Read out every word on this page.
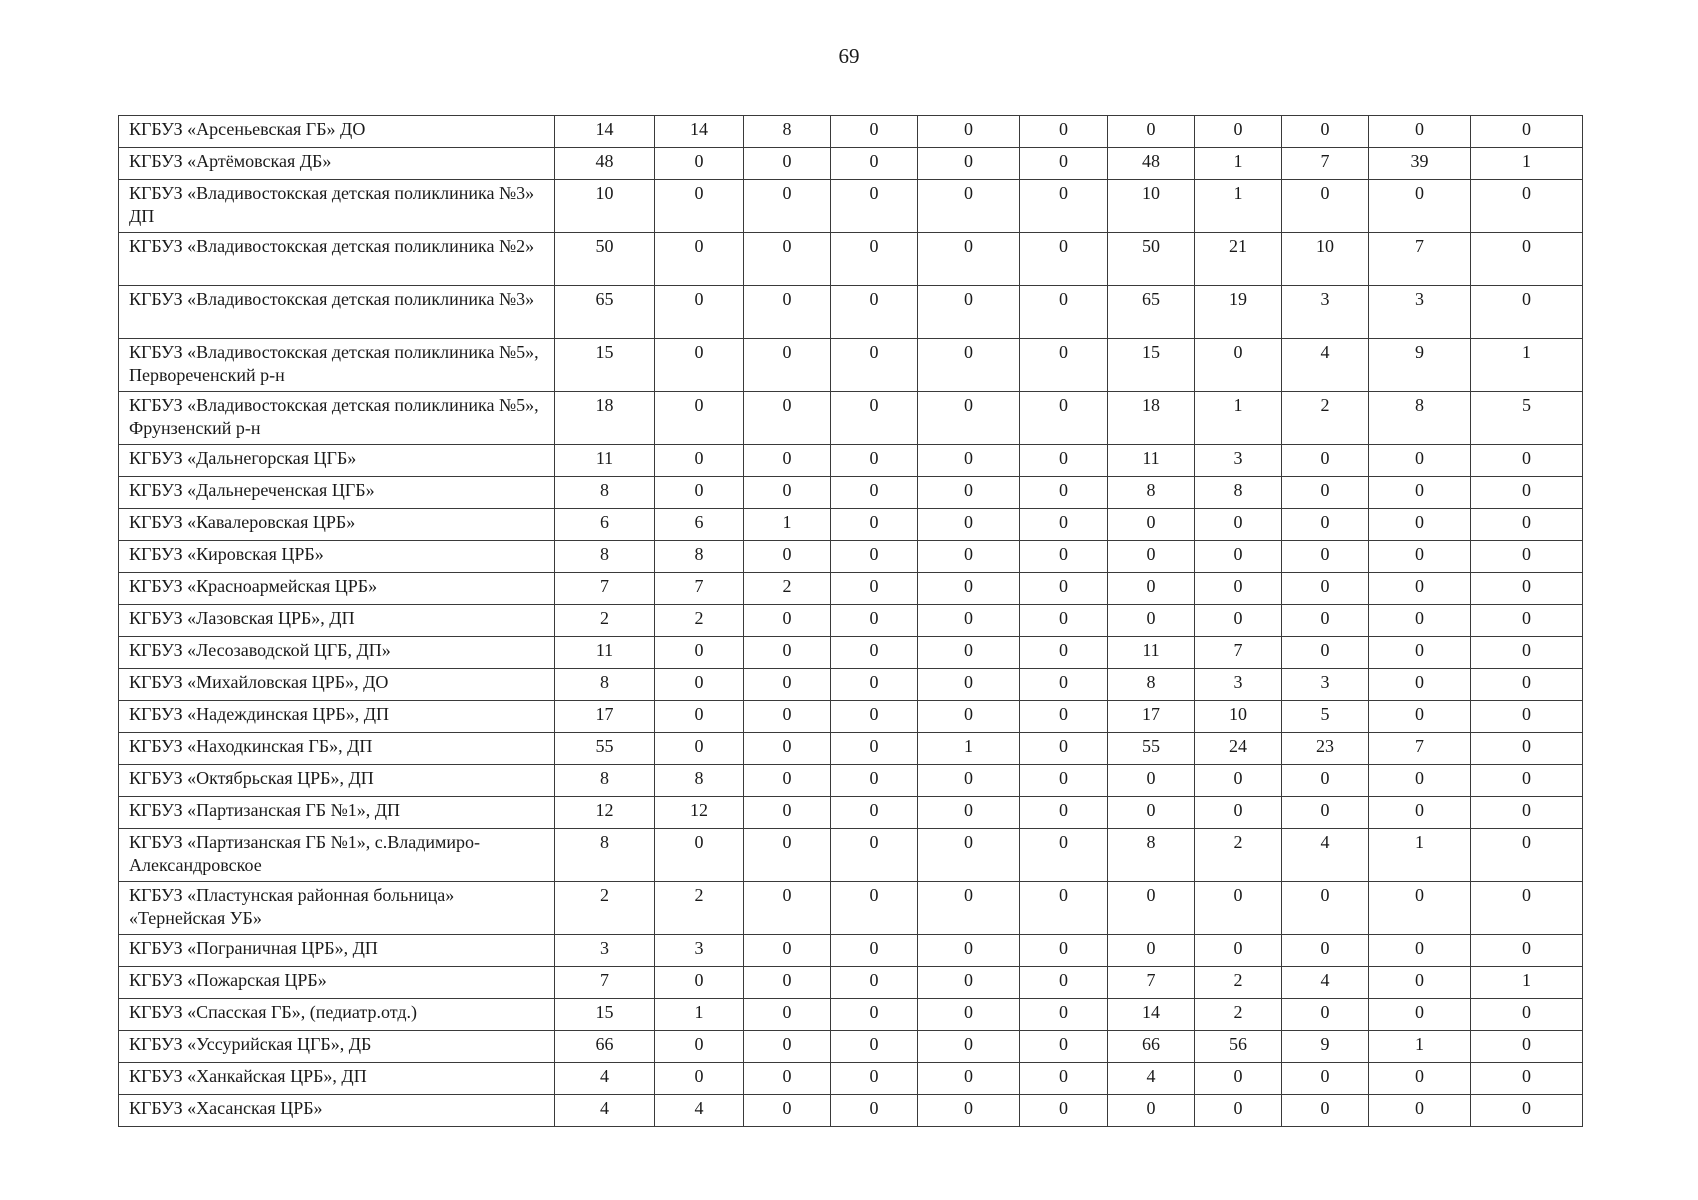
69
КГБУЗ «Арсеньевская ГБ» ДО	14	14	8	0	0	0	0	0	0	0	0
КГБУЗ «Артёмовская ДБ»	48	0	0	0	0	0	48	1	7	39	1
КГБУЗ «Владивостокская детская поликлиника №3» ДП	10	0	0	0	0	0	10	1	0	0	0
КГБУЗ «Владивостокская детская поликлиника №2»	50	0	0	0	0	0	50	21	10	7	0
КГБУЗ «Владивостокская детская поликлиника №3»	65	0	0	0	0	0	65	19	3	3	0
КГБУЗ «Владивостокская детская поликлиника №5», Первореченский р-н	15	0	0	0	0	0	15	0	4	9	1
КГБУЗ «Владивостокская детская поликлиника №5», Фрунзенский р-н	18	0	0	0	0	0	18	1	2	8	5
КГБУЗ «Дальнегорская ЦГБ»	11	0	0	0	0	0	11	3	0	0	0
КГБУЗ «Дальнереченская ЦГБ»	8	0	0	0	0	0	8	8	0	0	0
КГБУЗ «Кавалеровская ЦРБ»	6	6	1	0	0	0	0	0	0	0	0
КГБУЗ «Кировская ЦРБ»	8	8	0	0	0	0	0	0	0	0	0
КГБУЗ «Красноармейская ЦРБ»	7	7	2	0	0	0	0	0	0	0	0
КГБУЗ «Лазовская ЦРБ», ДП	2	2	0	0	0	0	0	0	0	0	0
КГБУЗ «Лесозаводской ЦГБ, ДП»	11	0	0	0	0	0	11	7	0	0	0
КГБУЗ «Михайловская ЦРБ», ДО	8	0	0	0	0	0	8	3	3	0	0
КГБУЗ «Надеждинская ЦРБ», ДП	17	0	0	0	0	0	17	10	5	0	0
КГБУЗ «Находкинская ГБ», ДП	55	0	0	0	1	0	55	24	23	7	0
КГБУЗ «Октябрьская ЦРБ», ДП	8	8	0	0	0	0	0	0	0	0	0
КГБУЗ «Партизанская ГБ №1», ДП	12	12	0	0	0	0	0	0	0	0	0
КГБУЗ «Партизанская ГБ №1», с.Владимиро-Александровское	8	0	0	0	0	0	8	2	4	1	0
КГБУЗ «Пластунская районная больница» «Тернейская УБ»	2	2	0	0	0	0	0	0	0	0	0
КГБУЗ «Пограничная ЦРБ», ДП	3	3	0	0	0	0	0	0	0	0	0
КГБУЗ «Пожарская ЦРБ»	7	0	0	0	0	0	7	2	4	0	1
КГБУЗ «Спасская ГБ», (педиатр.отд.)	15	1	0	0	0	0	14	2	0	0	0
КГБУЗ «Уссурийская ЦГБ», ДБ	66	0	0	0	0	0	66	56	9	1	0
КГБУЗ «Ханкайская ЦРБ», ДП	4	0	0	0	0	0	4	0	0	0	0
КГБУЗ «Хасанская ЦРБ»	4	4	0	0	0	0	0	0	0	0	0
